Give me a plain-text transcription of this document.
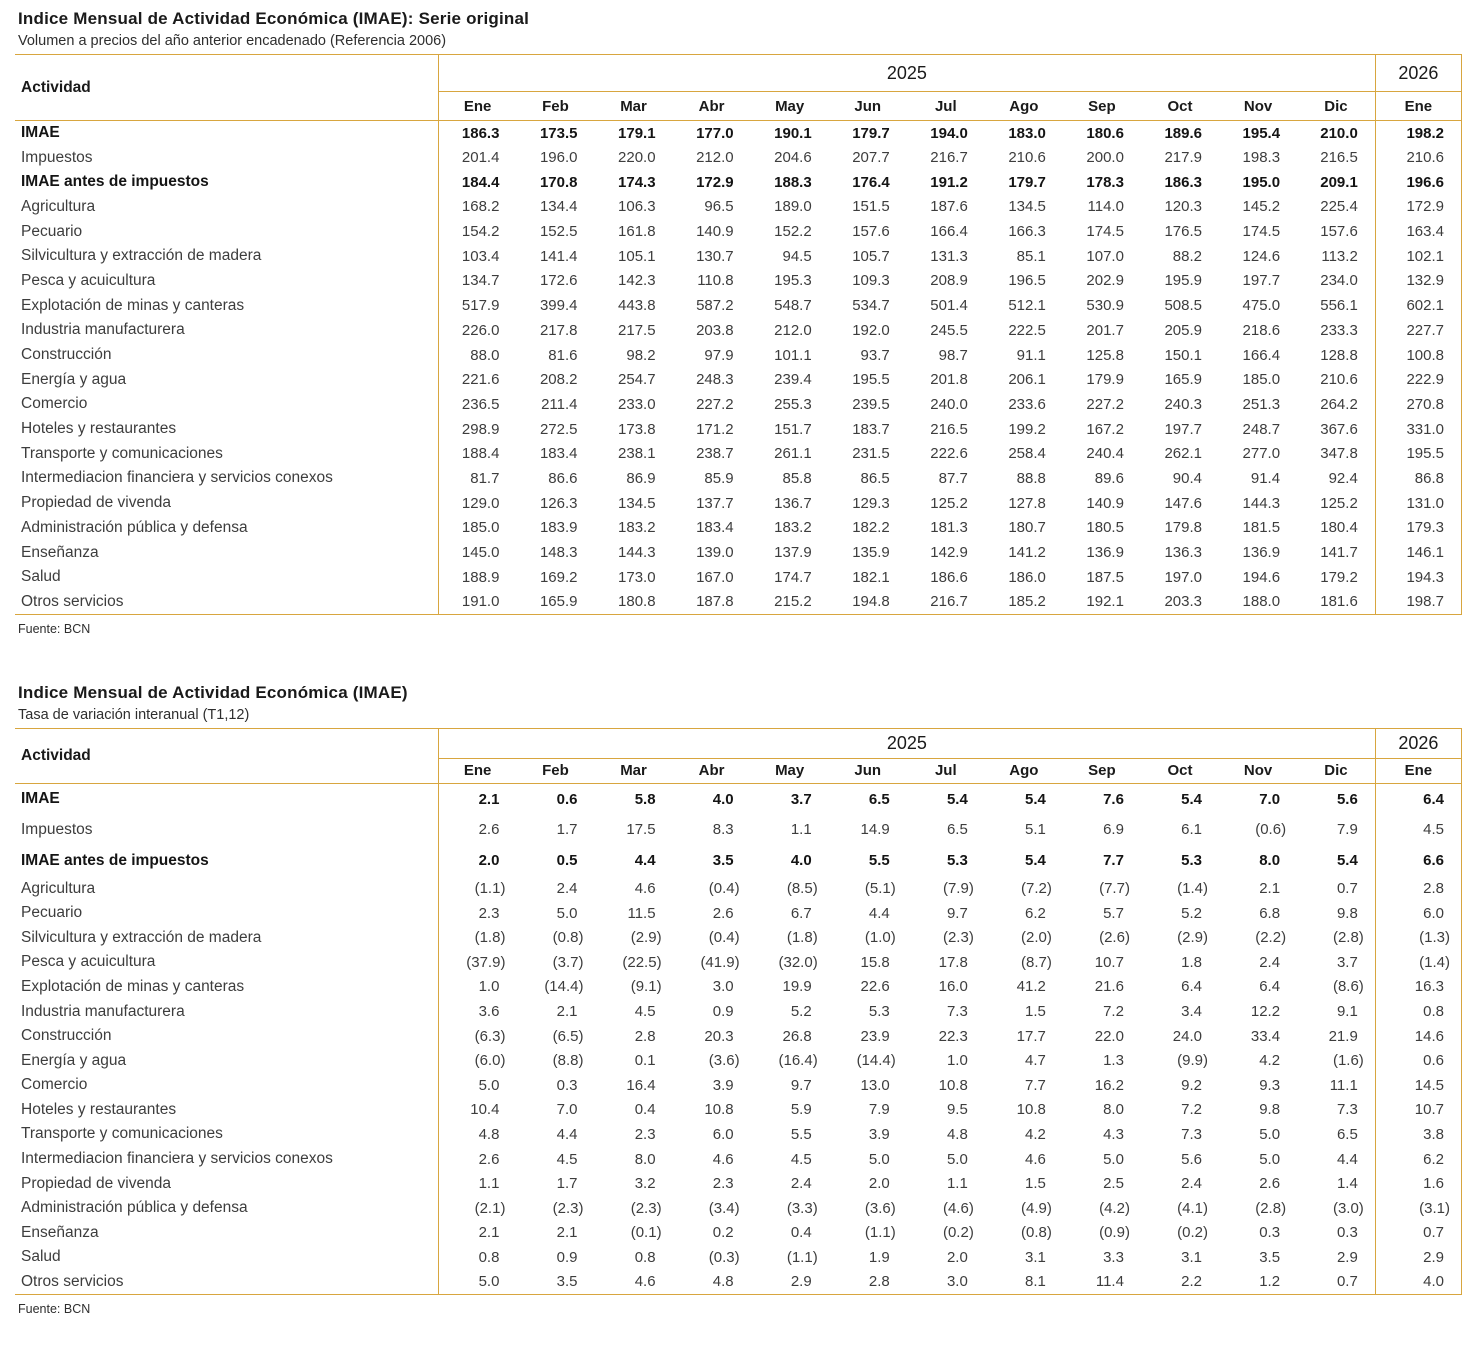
Indice Mensual de Actividad Económica (IMAE): Serie original
Volumen a precios del año anterior encadenado (Referencia 2006)
Actividad	2025												2026
	Ene	Feb	Mar	Abr	May	Jun	Jul	Ago	Sep	Oct	Nov	Dic	Ene
IMAE	186.3	173.5	179.1	177.0	190.1	179.7	194.0	183.0	180.6	189.6	195.4	210.0	198.2
Impuestos	201.4	196.0	220.0	212.0	204.6	207.7	216.7	210.6	200.0	217.9	198.3	216.5	210.6
IMAE antes de impuestos	184.4	170.8	174.3	172.9	188.3	176.4	191.2	179.7	178.3	186.3	195.0	209.1	196.6
Agricultura	168.2	134.4	106.3	96.5	189.0	151.5	187.6	134.5	114.0	120.3	145.2	225.4	172.9
Pecuario	154.2	152.5	161.8	140.9	152.2	157.6	166.4	166.3	174.5	176.5	174.5	157.6	163.4
Silvicultura y extracción de madera	103.4	141.4	105.1	130.7	94.5	105.7	131.3	85.1	107.0	88.2	124.6	113.2	102.1
Pesca y acuicultura	134.7	172.6	142.3	110.8	195.3	109.3	208.9	196.5	202.9	195.9	197.7	234.0	132.9
Explotación de minas y canteras	517.9	399.4	443.8	587.2	548.7	534.7	501.4	512.1	530.9	508.5	475.0	556.1	602.1
Industria manufacturera	226.0	217.8	217.5	203.8	212.0	192.0	245.5	222.5	201.7	205.9	218.6	233.3	227.7
Construcción	88.0	81.6	98.2	97.9	101.1	93.7	98.7	91.1	125.8	150.1	166.4	128.8	100.8
Energía y agua	221.6	208.2	254.7	248.3	239.4	195.5	201.8	206.1	179.9	165.9	185.0	210.6	222.9
Comercio	236.5	211.4	233.0	227.2	255.3	239.5	240.0	233.6	227.2	240.3	251.3	264.2	270.8
Hoteles y restaurantes	298.9	272.5	173.8	171.2	151.7	183.7	216.5	199.2	167.2	197.7	248.7	367.6	331.0
Transporte y comunicaciones	188.4	183.4	238.1	238.7	261.1	231.5	222.6	258.4	240.4	262.1	277.0	347.8	195.5
Intermediacion financiera y servicios conexos	81.7	86.6	86.9	85.9	85.8	86.5	87.7	88.8	89.6	90.4	91.4	92.4	86.8
Propiedad de vivenda	129.0	126.3	134.5	137.7	136.7	129.3	125.2	127.8	140.9	147.6	144.3	125.2	131.0
Administración pública y defensa	185.0	183.9	183.2	183.4	183.2	182.2	181.3	180.7	180.5	179.8	181.5	180.4	179.3
Enseñanza	145.0	148.3	144.3	139.0	137.9	135.9	142.9	141.2	136.9	136.3	136.9	141.7	146.1
Salud	188.9	169.2	173.0	167.0	174.7	182.1	186.6	186.0	187.5	197.0	194.6	179.2	194.3
Otros servicios	191.0	165.9	180.8	187.8	215.2	194.8	216.7	185.2	192.1	203.3	188.0	181.6	198.7
Fuente: BCN
Indice Mensual de Actividad Económica (IMAE)
Tasa de variación interanual (T1,12)
Actividad	2025												2026
	Ene	Feb	Mar	Abr	May	Jun	Jul	Ago	Sep	Oct	Nov	Dic	Ene
IMAE	2.1	0.6	5.8	4.0	3.7	6.5	5.4	5.4	7.6	5.4	7.0	5.6	6.4
Impuestos	2.6	1.7	17.5	8.3	1.1	14.9	6.5	5.1	6.9	6.1	(0.6)	7.9	4.5
IMAE antes de impuestos	2.0	0.5	4.4	3.5	4.0	5.5	5.3	5.4	7.7	5.3	8.0	5.4	6.6
Agricultura	(1.1)	2.4	4.6	(0.4)	(8.5)	(5.1)	(7.9)	(7.2)	(7.7)	(1.4)	2.1	0.7	2.8
Pecuario	2.3	5.0	11.5	2.6	6.7	4.4	9.7	6.2	5.7	5.2	6.8	9.8	6.0
Silvicultura y extracción de madera	(1.8)	(0.8)	(2.9)	(0.4)	(1.8)	(1.0)	(2.3)	(2.0)	(2.6)	(2.9)	(2.2)	(2.8)	(1.3)
Pesca y acuicultura	(37.9)	(3.7)	(22.5)	(41.9)	(32.0)	15.8	17.8	(8.7)	10.7	1.8	2.4	3.7	(1.4)
Explotación de minas y canteras	1.0	(14.4)	(9.1)	3.0	19.9	22.6	16.0	41.2	21.6	6.4	6.4	(8.6)	16.3
Industria manufacturera	3.6	2.1	4.5	0.9	5.2	5.3	7.3	1.5	7.2	3.4	12.2	9.1	0.8
Construcción	(6.3)	(6.5)	2.8	20.3	26.8	23.9	22.3	17.7	22.0	24.0	33.4	21.9	14.6
Energía y agua	(6.0)	(8.8)	0.1	(3.6)	(16.4)	(14.4)	1.0	4.7	1.3	(9.9)	4.2	(1.6)	0.6
Comercio	5.0	0.3	16.4	3.9	9.7	13.0	10.8	7.7	16.2	9.2	9.3	11.1	14.5
Hoteles y restaurantes	10.4	7.0	0.4	10.8	5.9	7.9	9.5	10.8	8.0	7.2	9.8	7.3	10.7
Transporte y comunicaciones	4.8	4.4	2.3	6.0	5.5	3.9	4.8	4.2	4.3	7.3	5.0	6.5	3.8
Intermediacion financiera y servicios conexos	2.6	4.5	8.0	4.6	4.5	5.0	5.0	4.6	5.0	5.6	5.0	4.4	6.2
Propiedad de vivenda	1.1	1.7	3.2	2.3	2.4	2.0	1.1	1.5	2.5	2.4	2.6	1.4	1.6
Administración pública y defensa	(2.1)	(2.3)	(2.3)	(3.4)	(3.3)	(3.6)	(4.6)	(4.9)	(4.2)	(4.1)	(2.8)	(3.0)	(3.1)
Enseñanza	2.1	2.1	(0.1)	0.2	0.4	(1.1)	(0.2)	(0.8)	(0.9)	(0.2)	0.3	0.3	0.7
Salud	0.8	0.9	0.8	(0.3)	(1.1)	1.9	2.0	3.1	3.3	3.1	3.5	2.9	2.9
Otros servicios	5.0	3.5	4.6	4.8	2.9	2.8	3.0	8.1	11.4	2.2	1.2	0.7	4.0
Fuente: BCN
